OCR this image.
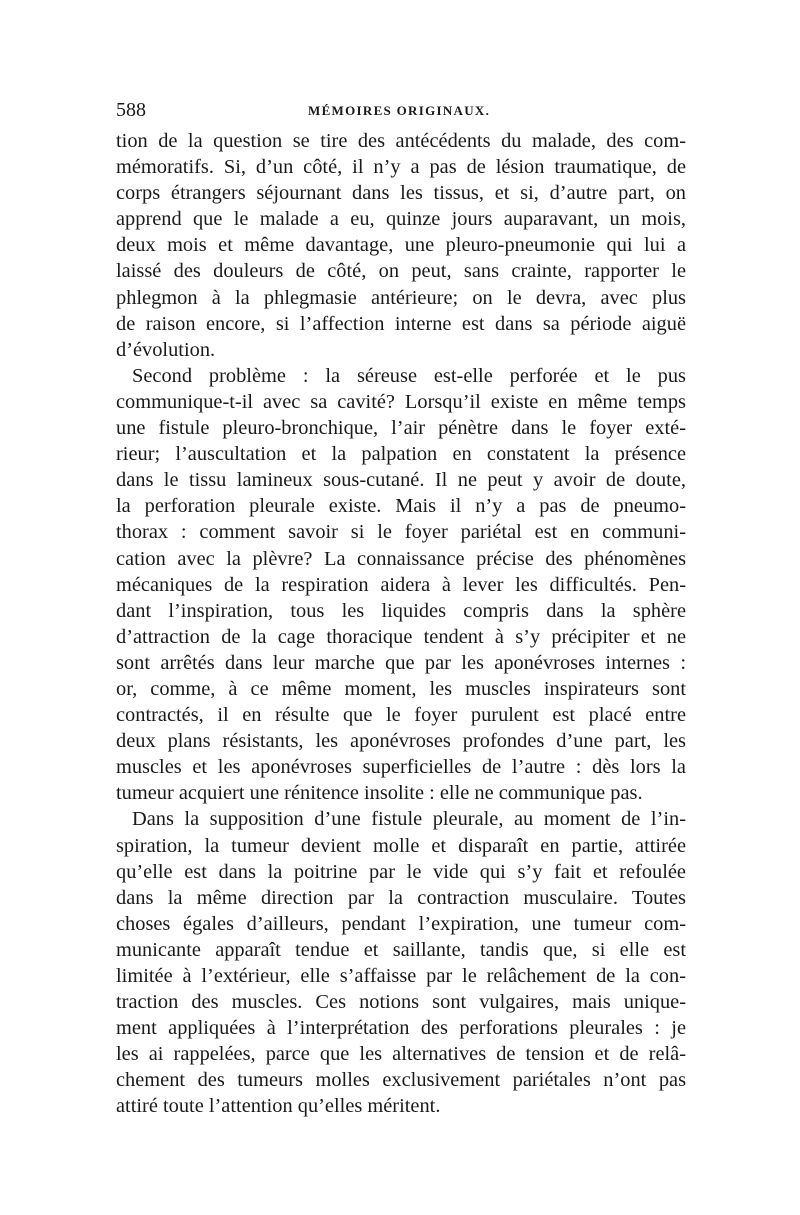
588	MÉMOIRES ORIGINAUX.
tion de la question se tire des antécédents du malade, des com-
mémoratifs. Si, d’un côté, il n’y a pas de lésion traumatique, de
corps étrangers séjournant dans les tissus, et si, d’autre part, on
apprend que le malade a eu, quinze jours auparavant, un mois,
deux mois et même davantage, une pleuro-pneumonie qui lui a
laissé des douleurs de côté, on peut, sans crainte, rapporter le
phlegmon à la phlegmasie antérieure; on le devra, avec plus
de raison encore, si l’affection interne est dans sa période aiguë
d’évolution.
Second problème : la séreuse est-elle perforée et le pus
communique-t-il avec sa cavité? Lorsqu’il existe en même temps
une fistule pleuro-bronchique, l’air pénètre dans le foyer exté-
rieur; l’auscultation et la palpation en constatent la présence
dans le tissu lamineux sous-cutané. Il ne peut y avoir de doute,
la perforation pleurale existe. Mais il n’y a pas de pneumo-
thorax : comment savoir si le foyer pariétal est en communi-
cation avec la plèvre? La connaissance précise des phénomènes
mécaniques de la respiration aidera à lever les difficultés. Pen-
dant l’inspiration, tous les liquides compris dans la sphère
d’attraction de la cage thoracique tendent à s’y précipiter et ne
sont arrêtés dans leur marche que par les aponévroses internes :
or, comme, à ce même moment, les muscles inspirateurs sont
contractés, il en résulte que le foyer purulent est placé entre
deux plans résistants, les aponévroses profondes d’une part, les
muscles et les aponévroses superficielles de l’autre : dès lors la
tumeur acquiert une rénitence insolite : elle ne communique pas.
Dans la supposition d’une fistule pleurale, au moment de l’in-
spiration, la tumeur devient molle et disparaît en partie, attirée
qu’elle est dans la poitrine par le vide qui s’y fait et refoulée
dans la même direction par la contraction musculaire. Toutes
choses égales d’ailleurs, pendant l’expiration, une tumeur com-
municante apparaît tendue et saillante, tandis que, si elle est
limitée à l’extérieur, elle s’affaisse par le relâchement de la con-
traction des muscles. Ces notions sont vulgaires, mais unique-
ment appliquées à l’interprétation des perforations pleurales : je
les ai rappelées, parce que les alternatives de tension et de relâ-
chement des tumeurs molles exclusivement pariétales n’ont pas
attiré toute l’attention qu’elles méritent.
